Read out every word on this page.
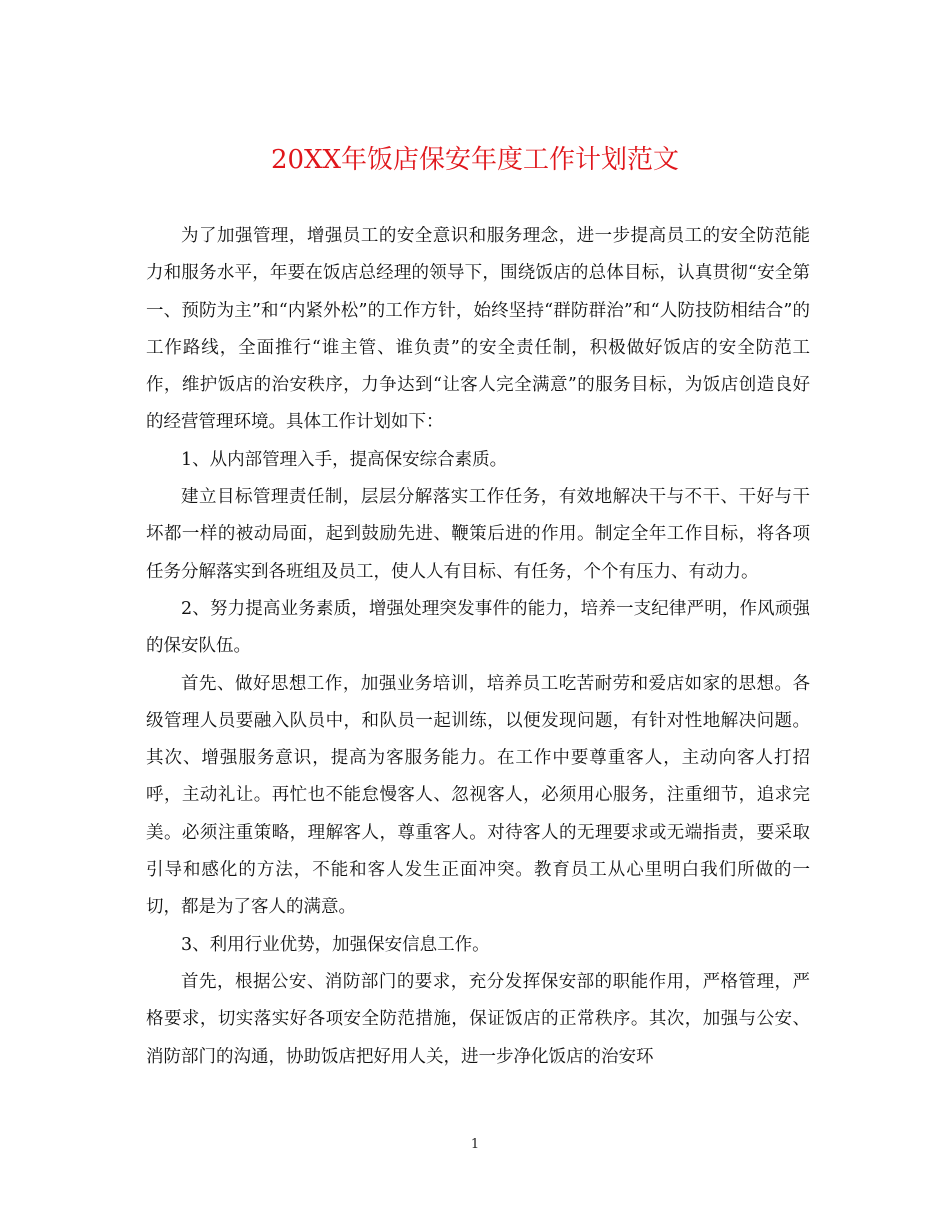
20XX年饭店保安年度工作计划范文

为了加强管理，增强员工的安全意识和服务理念，进一步提高员工的安全防范能力和服务水平，年要在饭店总经理的领导下，围绕饭店的总体目标，认真贯彻“安全第一、预防为主”和“内紧外松”的工作方针，始终坚持“群防群治”和“人防技防相结合”的工作路线，全面推行“谁主管、谁负责”的安全责任制，积极做好饭店的安全防范工作，维护饭店的治安秩序，力争达到“让客人完全满意”的服务目标，为饭店创造良好的经营管理环境。具体工作计划如下：

1、从内部管理入手，提高保安综合素质。

建立目标管理责任制，层层分解落实工作任务，有效地解决干与不干、干好与干坏都一样的被动局面，起到鼓励先进、鞭策后进的作用。制定全年工作目标，将各项任务分解落实到各班组及员工，使人人有目标、有任务，个个有压力、有动力。

2、努力提高业务素质，增强处理突发事件的能力，培养一支纪律严明，作风顽强的保安队伍。

首先、做好思想工作，加强业务培训，培养员工吃苦耐劳和爱店如家的思想。各级管理人员要融入队员中，和队员一起训练，以便发现问题，有针对性地解决问题。其次、增强服务意识，提高为客服务能力。在工作中要尊重客人，主动向客人打招呼，主动礼让。再忙也不能怠慢客人、忽视客人，必须用心服务，注重细节，追求完美。必须注重策略，理解客人，尊重客人。对待客人的无理要求或无端指责，要采取引导和感化的方法，不能和客人发生正面冲突。教育员工从心里明白我们所做的一切，都是为了客人的满意。

3、利用行业优势，加强保安信息工作。

首先，根据公安、消防部门的要求，充分发挥保安部的职能作用，严格管理，严格要求，切实落实好各项安全防范措施，保证饭店的正常秩序。其次，加强与公安、消防部门的沟通，协助饭店把好用人关，进一步净化饭店的治安环

1
